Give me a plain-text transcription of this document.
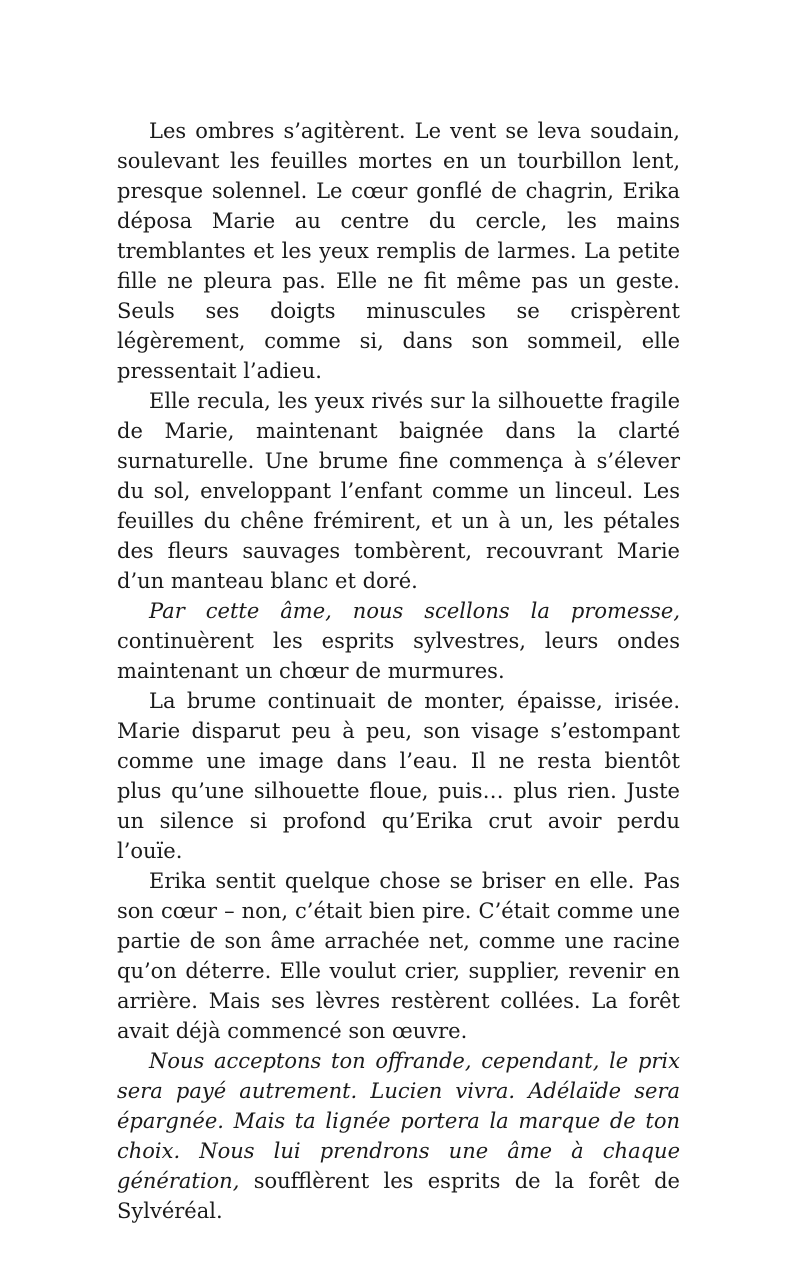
Les ombres s’agitèrent. Le vent se leva soudain, soulevant les feuilles mortes en un tourbillon lent, presque solennel. Le cœur gonflé de chagrin, Erika déposa Marie au centre du cercle, les mains tremblantes et les yeux remplis de larmes. La petite fille ne pleura pas. Elle ne fit même pas un geste. Seuls ses doigts minuscules se crispèrent légèrement, comme si, dans son sommeil, elle pressentait l’adieu.

Elle recula, les yeux rivés sur la silhouette fragile de Marie, maintenant baignée dans la clarté surnaturelle. Une brume fine commença à s’élever du sol, enveloppant l’enfant comme un linceul. Les feuilles du chêne frémirent, et un à un, les pétales des fleurs sauvages tombèrent, recouvrant Marie d’un manteau blanc et doré.

Par cette âme, nous scellons la promesse, continuèrent les esprits sylvestres, leurs ondes maintenant un chœur de murmures.

La brume continuait de monter, épaisse, irisée. Marie disparut peu à peu, son visage s’estompant comme une image dans l’eau. Il ne resta bientôt plus qu’une silhouette floue, puis… plus rien. Juste un silence si profond qu’Erika crut avoir perdu l’ouïe.

Erika sentit quelque chose se briser en elle. Pas son cœur – non, c’était bien pire. C’était comme une partie de son âme arrachée net, comme une racine qu’on déterre. Elle voulut crier, supplier, revenir en arrière. Mais ses lèvres restèrent collées. La forêt avait déjà commencé son œuvre.

Nous acceptons ton offrande, cependant, le prix sera payé autrement. Lucien vivra. Adélaïde sera épargnée. Mais ta lignée portera la marque de ton choix. Nous lui prendrons une âme à chaque génération, soufflèrent les esprits de la forêt de Sylvéréal.
